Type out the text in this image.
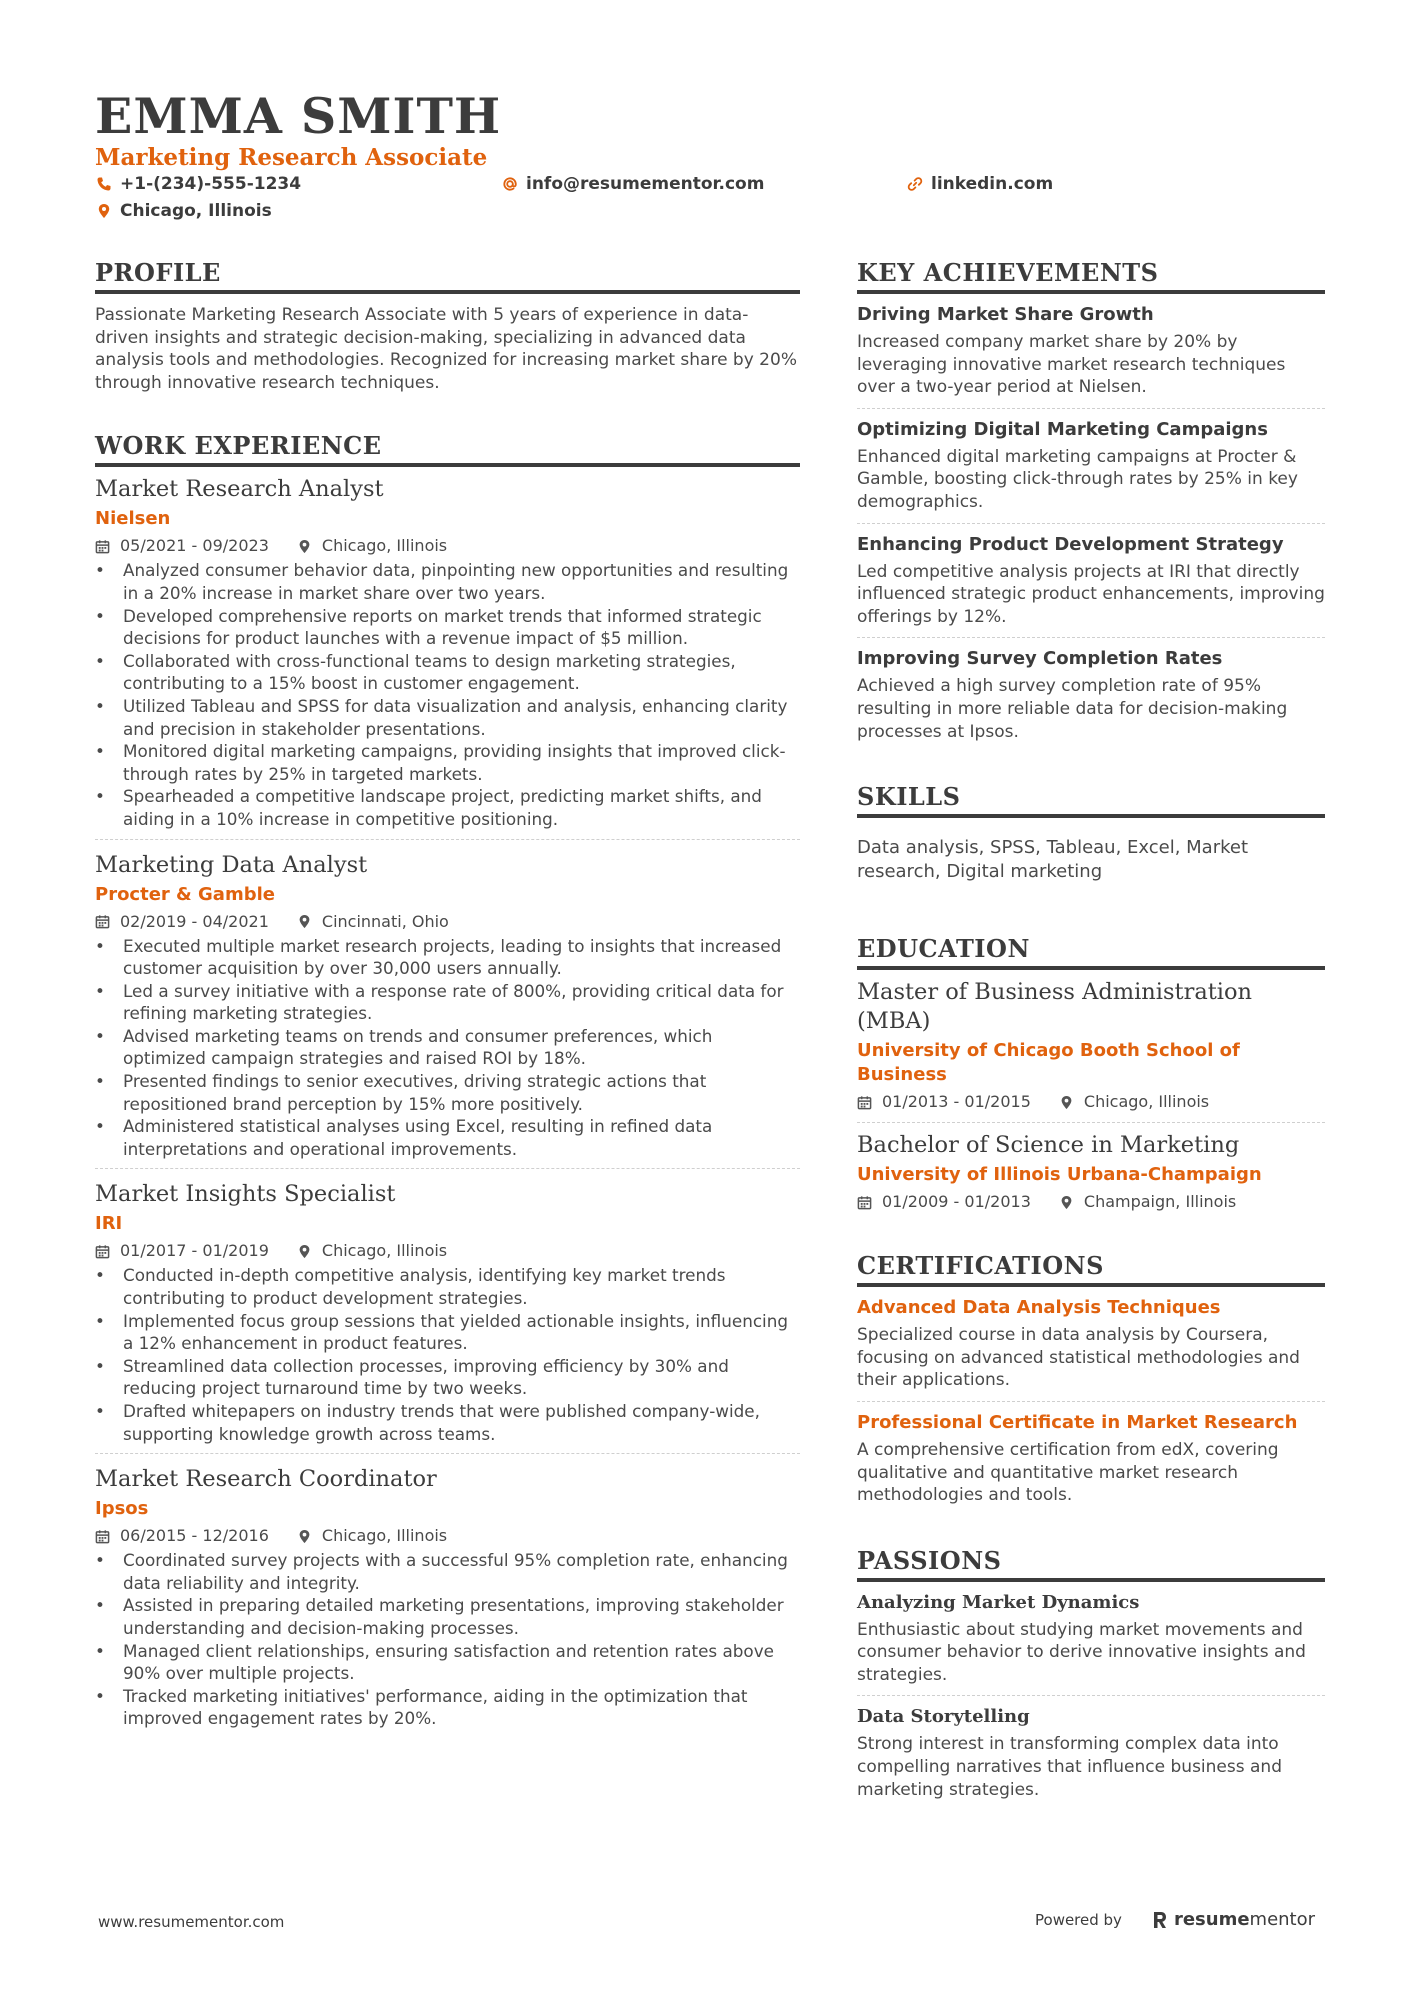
EMMA SMITH
Marketing Research Associate
+1-(234)-555-1234	info@resumementor.com	linkedin.com
Chicago, Illinois
PROFILE
Passionate Marketing Research Associate with 5 years of experience in data-driven insights and strategic decision-making, specializing in advanced data analysis tools and methodologies. Recognized for increasing market share by 20% through innovative research techniques.
WORK EXPERIENCE
Market Research Analyst
Nielsen
05/2021 - 09/2023	Chicago, Illinois
• Analyzed consumer behavior data, pinpointing new opportunities and resulting in a 20% increase in market share over two years.
• Developed comprehensive reports on market trends that informed strategic decisions for product launches with a revenue impact of $5 million.
• Collaborated with cross-functional teams to design marketing strategies, contributing to a 15% boost in customer engagement.
• Utilized Tableau and SPSS for data visualization and analysis, enhancing clarity and precision in stakeholder presentations.
• Monitored digital marketing campaigns, providing insights that improved click-through rates by 25% in targeted markets.
• Spearheaded a competitive landscape project, predicting market shifts, and aiding in a 10% increase in competitive positioning.
Marketing Data Analyst
Procter & Gamble
02/2019 - 04/2021	Cincinnati, Ohio
• Executed multiple market research projects, leading to insights that increased customer acquisition by over 30,000 users annually.
• Led a survey initiative with a response rate of 800%, providing critical data for refining marketing strategies.
• Advised marketing teams on trends and consumer preferences, which optimized campaign strategies and raised ROI by 18%.
• Presented findings to senior executives, driving strategic actions that repositioned brand perception by 15% more positively.
• Administered statistical analyses using Excel, resulting in refined data interpretations and operational improvements.
Market Insights Specialist
IRI
01/2017 - 01/2019	Chicago, Illinois
• Conducted in-depth competitive analysis, identifying key market trends contributing to product development strategies.
• Implemented focus group sessions that yielded actionable insights, influencing a 12% enhancement in product features.
• Streamlined data collection processes, improving efficiency by 30% and reducing project turnaround time by two weeks.
• Drafted whitepapers on industry trends that were published company-wide, supporting knowledge growth across teams.
Market Research Coordinator
Ipsos
06/2015 - 12/2016	Chicago, Illinois
• Coordinated survey projects with a successful 95% completion rate, enhancing data reliability and integrity.
• Assisted in preparing detailed marketing presentations, improving stakeholder understanding and decision-making processes.
• Managed client relationships, ensuring satisfaction and retention rates above 90% over multiple projects.
• Tracked marketing initiatives' performance, aiding in the optimization that improved engagement rates by 20%.
KEY ACHIEVEMENTS
Driving Market Share Growth
Increased company market share by 20% by leveraging innovative market research techniques over a two-year period at Nielsen.
Optimizing Digital Marketing Campaigns
Enhanced digital marketing campaigns at Procter & Gamble, boosting click-through rates by 25% in key demographics.
Enhancing Product Development Strategy
Led competitive analysis projects at IRI that directly influenced strategic product enhancements, improving offerings by 12%.
Improving Survey Completion Rates
Achieved a high survey completion rate of 95% resulting in more reliable data for decision-making processes at Ipsos.
SKILLS
Data analysis, SPSS, Tableau, Excel, Market research, Digital marketing
EDUCATION
Master of Business Administration (MBA)
University of Chicago Booth School of Business
01/2013 - 01/2015	Chicago, Illinois
Bachelor of Science in Marketing
University of Illinois Urbana-Champaign
01/2009 - 01/2013	Champaign, Illinois
CERTIFICATIONS
Advanced Data Analysis Techniques
Specialized course in data analysis by Coursera, focusing on advanced statistical methodologies and their applications.
Professional Certificate in Market Research
A comprehensive certification from edX, covering qualitative and quantitative market research methodologies and tools.
PASSIONS
Analyzing Market Dynamics
Enthusiastic about studying market movements and consumer behavior to derive innovative insights and strategies.
Data Storytelling
Strong interest in transforming complex data into compelling narratives that influence business and marketing strategies.
www.resumementor.com	Powered by	resume mentor
